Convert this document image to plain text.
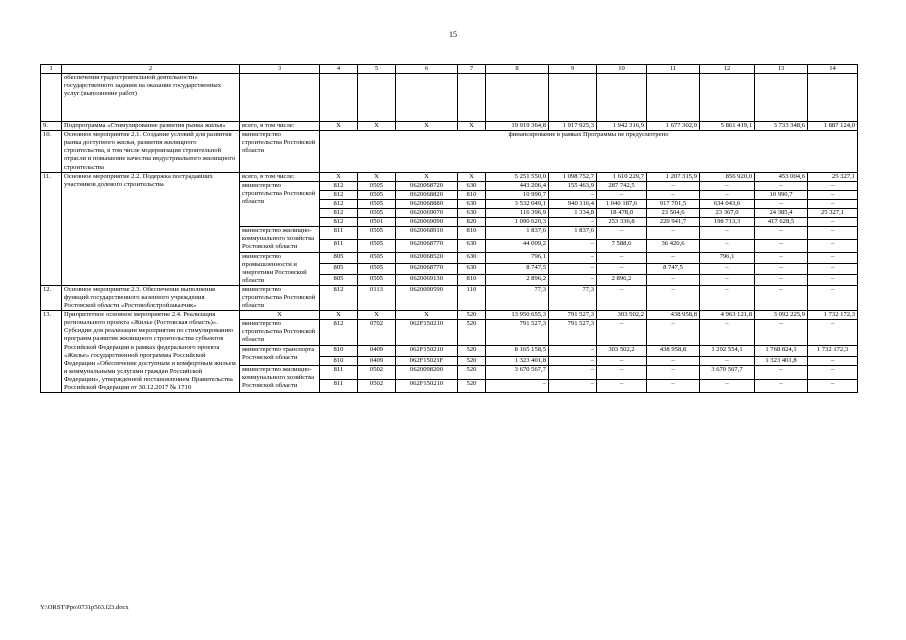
15
1	2	3	4	5	6	7	8	9	10	11	12	13	14
	обеспечения градостроительной деятельности» государственного задания на оказание государственных услуг (выполнение работ)												
9.	Подпрограмма «Стимулирование развития рынка жилья»	всего, в том числе:	Х	Х	Х	Х	19 919 364,8	1 917 925,3	1 942 316,9	1 677 302,9	5 861 419,1	3 733 348,6	1 887 124,0
10.	Основное мероприятие 2.1. Создание условий для развития рынка доступного жилья, развития жилищного строительства, в том числе модернизация строительной отрасли и повышение качества индустриального жилищного строительства	министерство строительства Ростовской области	финансирование в рамках Программы не предусмотрено										
11.	Основное мероприятие 2.2. Подержка пострадавших участников долевого строительства	всего, в том числе:	Х	Х	Х	Х	5 251 550,0	1 098 752,7	1 610 229,7	1 207 315,9	856 920,0	453 004,6	25 327,1
		министерство строительства Ростовской области	812	0505	0620068720	630	443 206,4	155 463,9	287 742,5	–	–	–	–
			812	0505	0620068820	810	10 990,7	–	–	–	–	10 990,7	–
			812	0505	0620068880	630	3 532 049,1	940 116,4	1 040 187,6	917 701,5	634 043,6	–	–
			812	0505	0620069070	630	116 396,9	1 334,8	18 478,0	23 504,6	23 367,0	24 385,4	25 327,1
			812	0501	0620069090	820	1 090 620,3	–	253 336,8	220 941,7	198 713,3	417 628,5	–
		министерство жилищно-коммунального хозяйства Ростовской области	811	0505	0620068910	810	1 837,6	1 837,6	–	–	–	–	–
			811	0505	0620068770	630	44 009,2	–	7 588,6	36 420,6	–	–	–
		министерство промышленности и энергетики Ростовской области	805	0505	0620068520	630	796,1	–	–	–	796,1	–	–
			805	0505	0620068770	630	8 747,5	–	–	8 747,5	–	–	–
			805	0505	0620069130	810	2 896,2	–	2 896,2	–	–	–	–
12.	Основное мероприятие 2.3. Обеспечение выполнения функций государственного казенного учреждения Ростовской области «Ростовоблстройзаказчик»	министерство строительства Ростовской области	812	0113	0620000590	110	77,3	77,3	–	–	–	–	–
13.	Приоритетное основное мероприятие 2.4. Реализация регионального проекта «Жилье (Ростовская область)». Субсидии для реализации мероприятия по стимулированию программ развития жилищного строительства субъектов Российской Федерации в рамках федерального проекта «Жилье» государственной программы Российской Федерации «Обеспечение доступным и комфортным жильем и коммунальными услугами граждан Российской Федерации», утвержденной постановлением Правительства Российской Федерации от 30.12.2017 № 1710	Х	Х	Х	Х	520	13 950 655,3	791 527,3	303 502,2	438 958,8	4 963 121,8	3 092 225,9	1 732 172,3
		министерство строительства Ростовской области	812	0702	062F150210	520	791 527,3	791 527,3	–	–	–	–	–
		министерство транспорта Ростовской области	810	0409	062F150210	520	8 165 158,5	–	303 502,2	438 958,8	1 292 554,1	1 768 824,1	1 732 172,3
			810	0409	062F15021F	520	1 323 401,8	–	–	–	–	1 323 401,8	–
		министерство жилищно-коммунального хозяйства Ростовской области	811	0502	0620098200	520	3 670 567,7	–	–	–	3 670 567,7	–	–
			811	0502	062F150210	520	–	–	–	–	–	–	–
Y:\ORST\Ppo\0731p563.f23.docx
